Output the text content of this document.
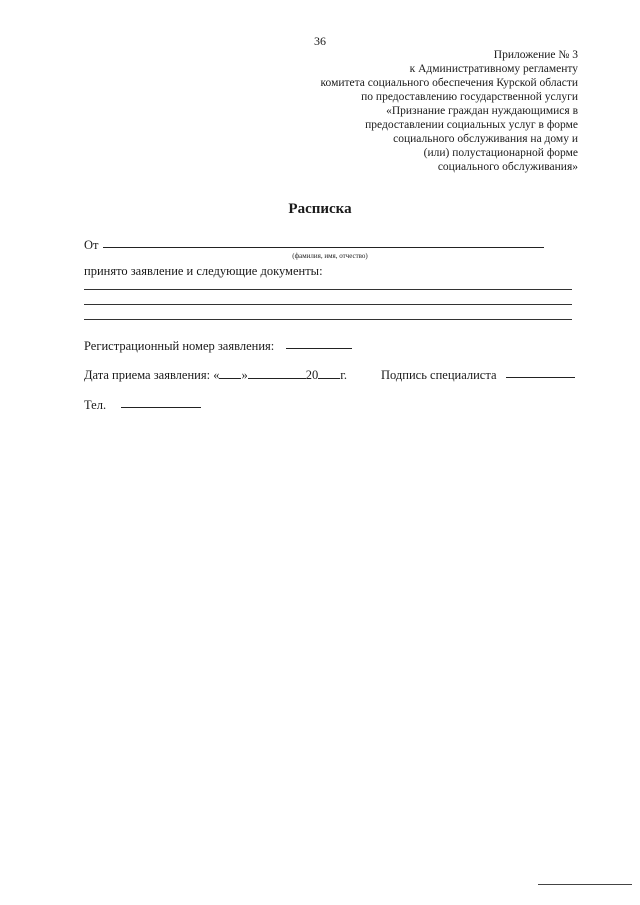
36
Приложение № 3
к Административному регламенту
комитета социального обеспечения Курской области
по предоставлению государственной услуги
«Признание граждан нуждающимися в
предоставлении социальных услуг в форме
социального обслуживания на дому и
(или) полустационарной форме
социального обслуживания»
Расписка
От
(фамилия, имя, отчество)
принято заявление и следующие документы:
Регистрационный номер заявления:
Дата приема заявления: « »	20 г.	Подпись специалиста
Тел.
